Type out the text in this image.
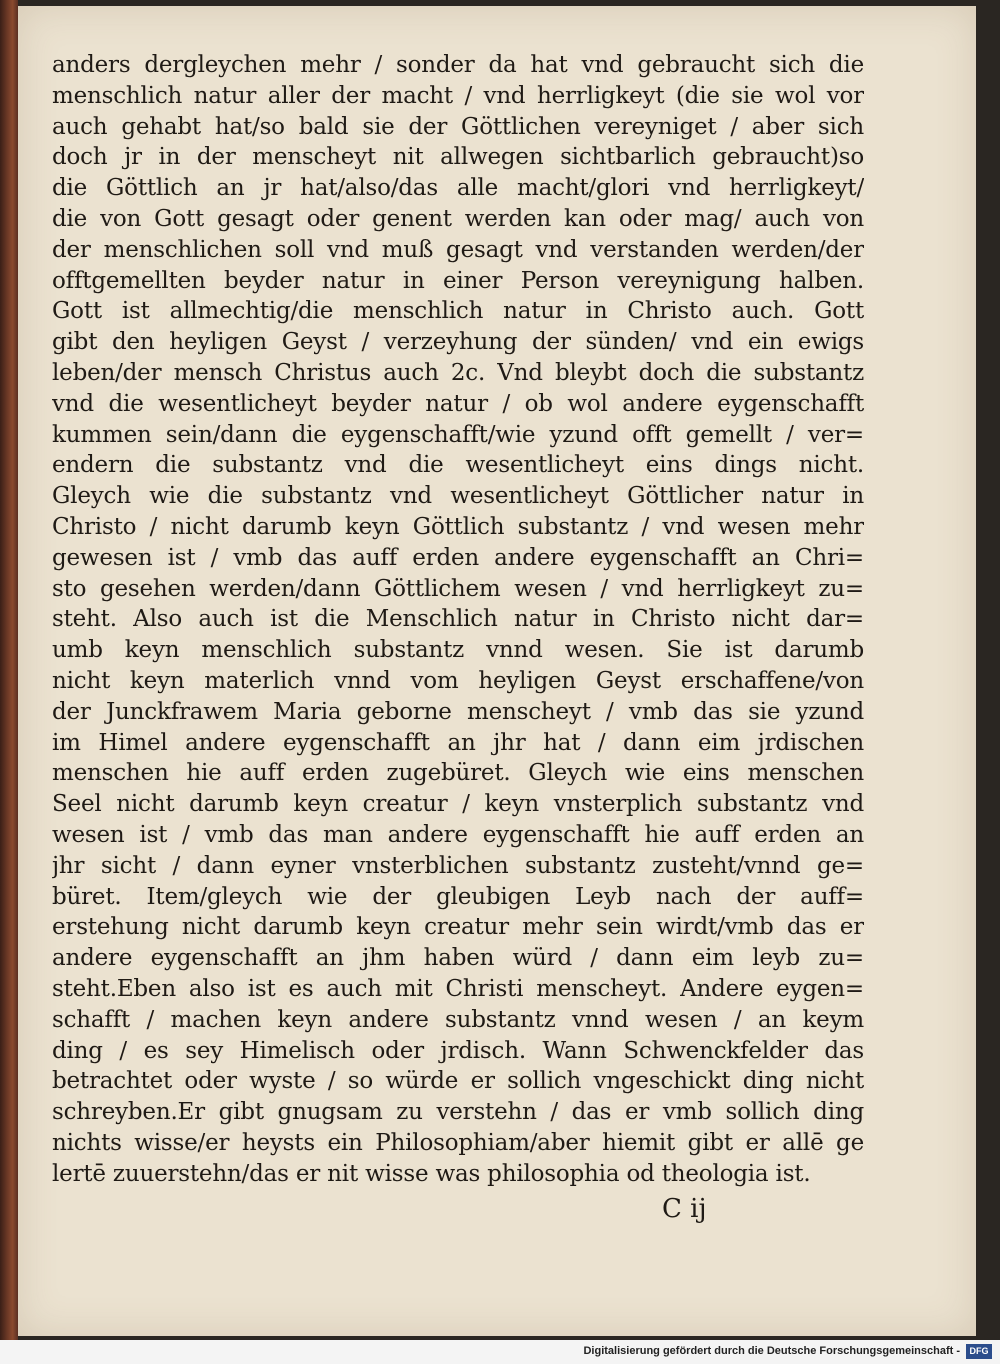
anders dergleychen mehr / sonder da hat vnd gebraucht sich die
menschlich natur aller der macht / vnd herrligkeyt (die sie wol vor
auch gehabt hat/so bald sie der Göttlichen vereyniget / aber sich
doch jr in der menscheyt nit allwegen sichtbarlich gebraucht)so
die Göttlich an jr hat/also/das alle macht/glori vnd herrligkeyt/
die von Gott gesagt oder genent werden kan oder mag/ auch von
der menschlichen soll vnd muß gesagt vnd verstanden werden/der
offtgemellten beyder natur in einer Person vereynigung halben.
Gott ist allmechtig/die menschlich natur in Christo auch. Gott
gibt den heyligen Geyst / verzeyhung der sünden/ vnd ein ewigs
leben/der mensch Christus auch 2c. Vnd bleybt doch die substantz
vnd die wesentlicheyt beyder natur / ob wol andere eygenschafft
kummen sein/dann die eygenschafft/wie yzund offt gemellt / ver=
endern die substantz vnd die wesentlicheyt eins dings nicht.
Gleych wie die substantz vnd wesentlicheyt Göttlicher natur in
Christo / nicht darumb keyn Göttlich substantz / vnd wesen mehr
gewesen ist / vmb das auff erden andere eygenschafft an Chri=
sto gesehen werden/dann Göttlichem wesen / vnd herrligkeyt zu=
steht. Also auch ist die Menschlich natur in Christo nicht dar=
umb keyn menschlich substantz vnnd wesen. Sie ist darumb
nicht keyn materlich vnnd vom heyligen Geyst erschaffene/von
der Junckfrawem Maria geborne menscheyt / vmb das sie yzund
im Himel andere eygenschafft an jhr hat / dann eim jrdischen
menschen hie auff erden zugebüret. Gleych wie eins menschen
Seel nicht darumb keyn creatur / keyn vnsterplich substantz vnd
wesen ist / vmb das man andere eygenschafft hie auff erden an
jhr sicht / dann eyner vnsterblichen substantz zusteht/vnnd ge=
büret. Item/gleych wie der gleubigen Leyb nach der auff=
erstehung nicht darumb keyn creatur mehr sein wirdt/vmb das er
andere eygenschafft an jhm haben würd / dann eim leyb zu=
steht.Eben also ist es auch mit Christi menscheyt. Andere eygen=
schafft / machen keyn andere substantz vnnd wesen / an keym
ding / es sey Himelisch oder jrdisch. Wann Schwenckfelder das
betrachtet oder wyste / so würde er sollich vngeschickt ding nicht
schreyben.Er gibt gnugsam zu verstehn / das er vmb sollich ding
nichts wisse/er heysts ein Philosophiam/aber hiemit gibt er allē ge
lertē zuuerstehn/das er nit wisse was philosophia od theologia ist.
C ij
Digitalisierung gefördert durch die Deutsche Forschungsgemeinschaft -	DFG
